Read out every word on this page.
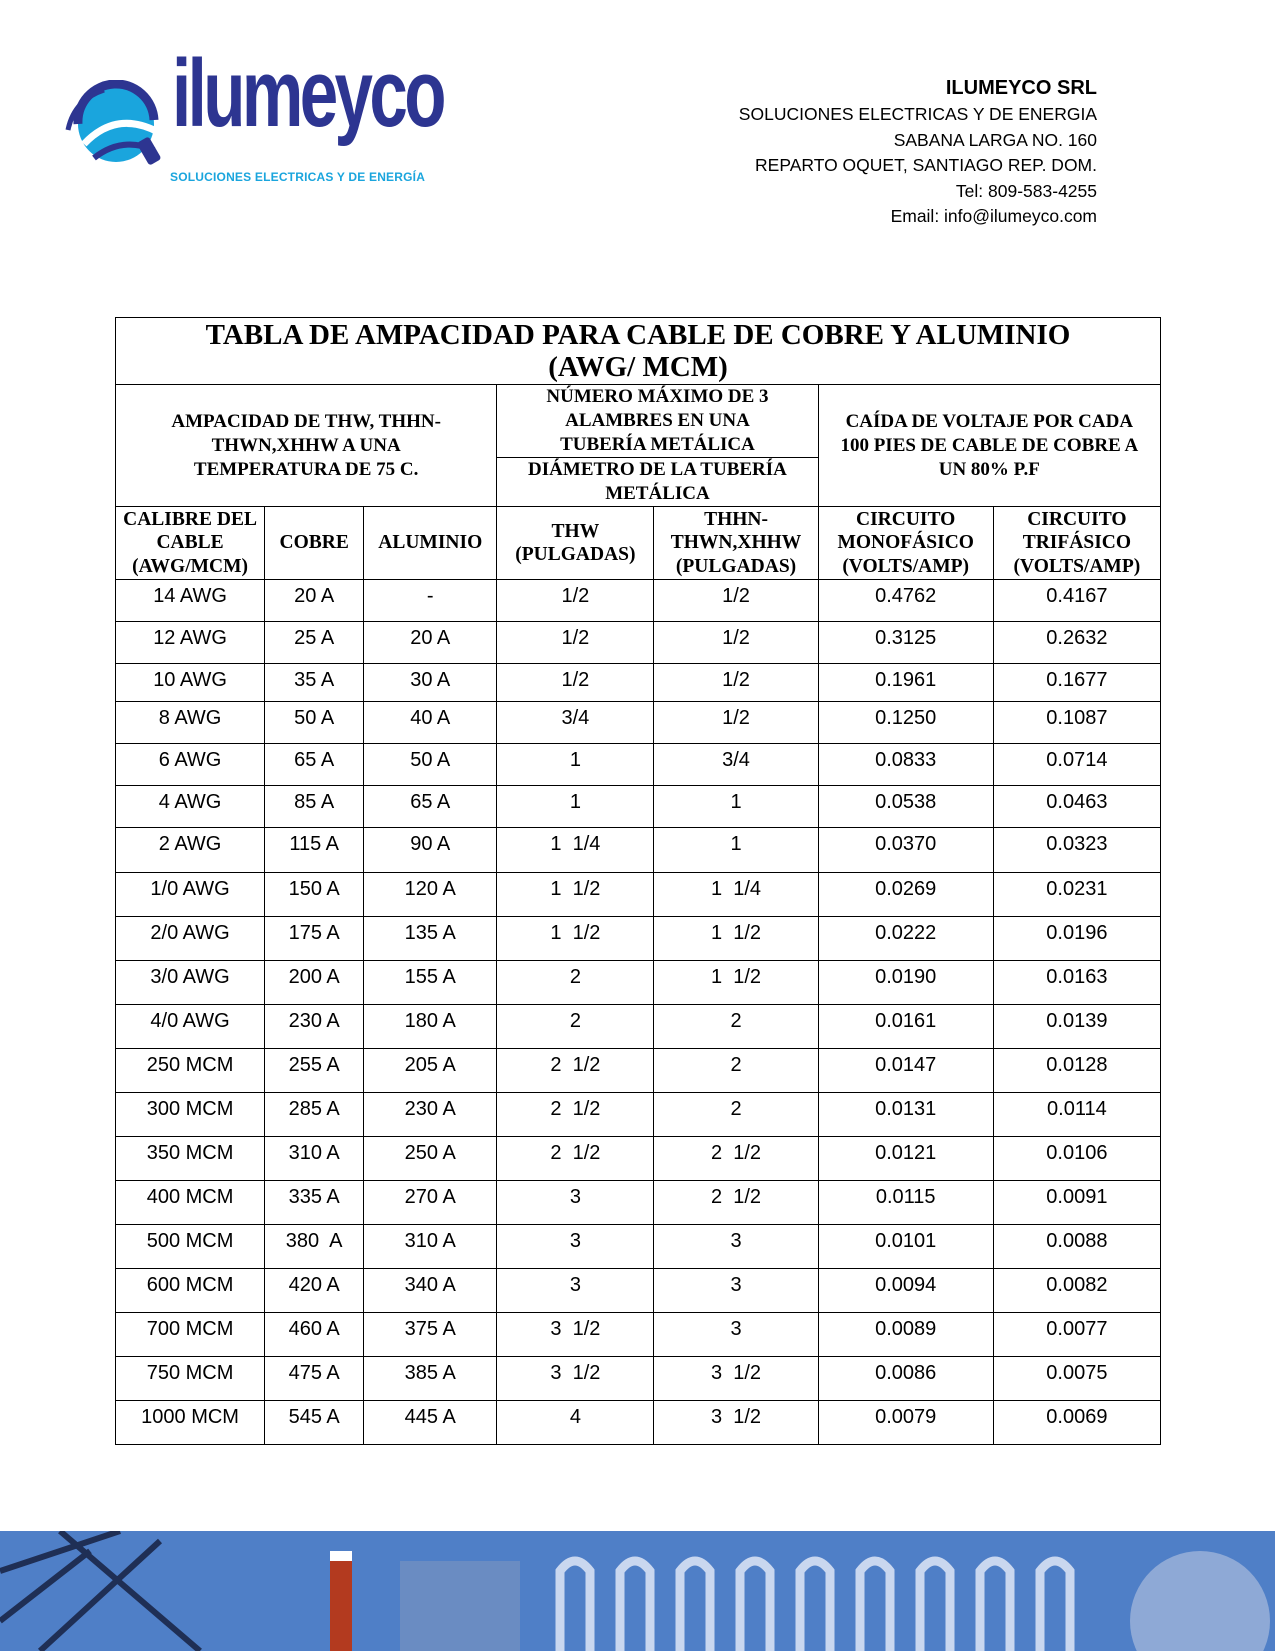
ilumeyco
SOLUCIONES ELECTRICAS Y DE ENERGÍA
ILUMEYCO SRL
SOLUCIONES ELECTRICAS Y DE ENERGIA
SABANA LARGA NO. 160
REPARTO OQUET, SANTIAGO REP. DOM.
Tel: 809-583-4255
Email: info@ilumeyco.com
TABLA DE AMPACIDAD PARA CABLE DE COBRE Y ALUMINIO
(AWG/ MCM)						

AMPACIDAD DE THW, THHN-THWN,XHHW A UNA TEMPERATURA DE 75 C.			NÚMERO MÁXIMO DE 3 ALAMBRES EN UNA TUBERÍA METÁLICA		CAÍDA DE VOLTAJE POR CADA 100 PIES DE CABLE DE COBRE A UN 80% P.F	
			DIÁMETRO DE LA TUBERÍA METÁLICA			
CALIBRE DEL CABLE (AWG/MCM)	COBRE	ALUMINIO	THW (PULGADAS)	THHN-THWN,XHHW (PULGADAS)	CIRCUITO MONOFÁSICO (VOLTS/AMP)	CIRCUITO TRIFÁSICO (VOLTS/AMP)
14 AWG	20 A	-	1/2	1/2	0.4762	0.4167
12 AWG	25 A	20 A	1/2	1/2	0.3125	0.2632
10 AWG	35 A	30 A	1/2	1/2	0.1961	0.1677
8 AWG	50 A	40 A	3/4	1/2	0.1250	0.1087
6 AWG	65 A	50 A	1	3/4	0.0833	0.0714
4 AWG	85 A	65 A	1	1	0.0538	0.0463
2 AWG	115 A	90 A	1  1/4	1	0.0370	0.0323
1/0 AWG	150 A	120 A	1  1/2	1  1/4	0.0269	0.0231
2/0 AWG	175 A	135 A	1  1/2	1  1/2	0.0222	0.0196
3/0 AWG	200 A	155 A	2	1  1/2	0.0190	0.0163
4/0 AWG	230 A	180 A	2	2	0.0161	0.0139
250 MCM	255 A	205 A	2  1/2	2	0.0147	0.0128
300 MCM	285 A	230 A	2  1/2	2	0.0131	0.0114
350 MCM	310 A	250 A	2  1/2	2  1/2	0.0121	0.0106
400 MCM	335 A	270 A	3	2  1/2	0.0115	0.0091
500 MCM	380  A	310 A	3	3	0.0101	0.0088
600 MCM	420 A	340 A	3	3	0.0094	0.0082
700 MCM	460 A	375 A	3  1/2	3	0.0089	0.0077
750 MCM	475 A	385 A	3  1/2	3  1/2	0.0086	0.0075
1000 MCM	545 A	445 A	4	3  1/2	0.0079	0.0069
